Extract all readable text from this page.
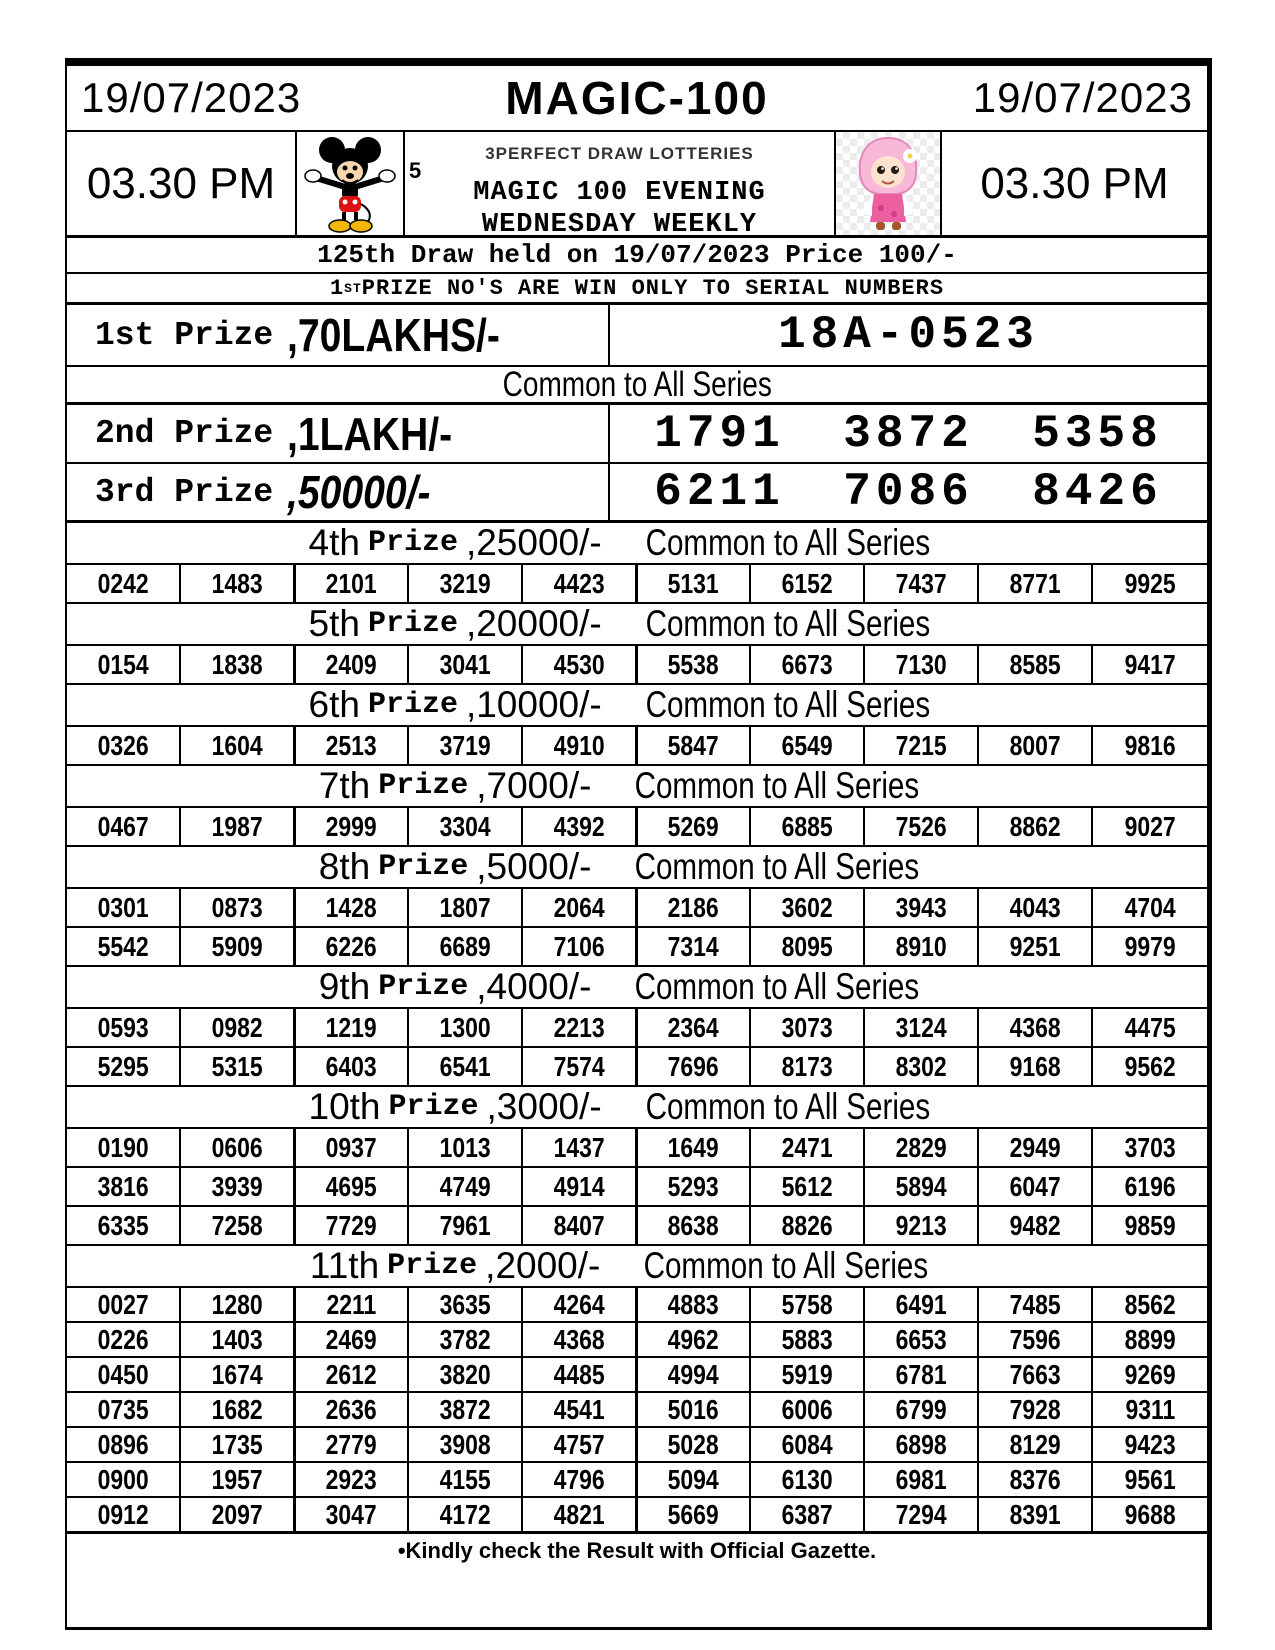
19/07/2023	MAGIC-100	19/07/2023
03.30 PM	5
3PERFECT DRAW LOTTERIES
MAGIC 100 EVENING
WEDNESDAY WEEKLY
03.30 PM
125th Draw held on 19/07/2023 Price 100/-
1 ST PRIZE NO'S ARE WIN ONLY TO SERIAL NUMBERS
1st Prize ,70LAKHS/-	18A-0523
Common to All Series
2nd Prize ,1LAKH/-	1791 3872 5358
3rd Prize ,50000/-	6211 7086 8426
4th Prize ,25000/-	Common to All Series
0242 1483 2101 3219 4423 5131 6152 7437 8771 9925
5th Prize ,20000/-	Common to All Series
0154 1838 2409 3041 4530 5538 6673 7130 8585 9417
6th Prize ,10000/-	Common to All Series
0326 1604 2513 3719 4910 5847 6549 7215 8007 9816
7th Prize ,7000/-	Common to All Series
0467 1987 2999 3304 4392 5269 6885 7526 8862 9027
8th Prize ,5000/-	Common to All Series
0301 0873 1428 1807 2064 2186 3602 3943 4043 4704
5542 5909 6226 6689 7106 7314 8095 8910 9251 9979
9th Prize ,4000/-	Common to All Series
0593 0982 1219 1300 2213 2364 3073 3124 4368 4475
5295 5315 6403 6541 7574 7696 8173 8302 9168 9562
10th Prize ,3000/-	Common to All Series
0190 0606 0937 1013 1437 1649 2471 2829 2949 3703
3816 3939 4695 4749 4914 5293 5612 5894 6047 6196
6335 7258 7729 7961 8407 8638 8826 9213 9482 9859
11th Prize ,2000/-	Common to All Series
0027 1280 2211 3635 4264 4883 5758 6491 7485 8562
0226 1403 2469 3782 4368 4962 5883 6653 7596 8899
0450 1674 2612 3820 4485 4994 5919 6781 7663 9269
0735 1682 2636 3872 4541 5016 6006 6799 7928 9311
0896 1735 2779 3908 4757 5028 6084 6898 8129 9423
0900 1957 2923 4155 4796 5094 6130 6981 8376 9561
0912 2097 3047 4172 4821 5669 6387 7294 8391 9688
•Kindly check the Result with Official Gazette.
